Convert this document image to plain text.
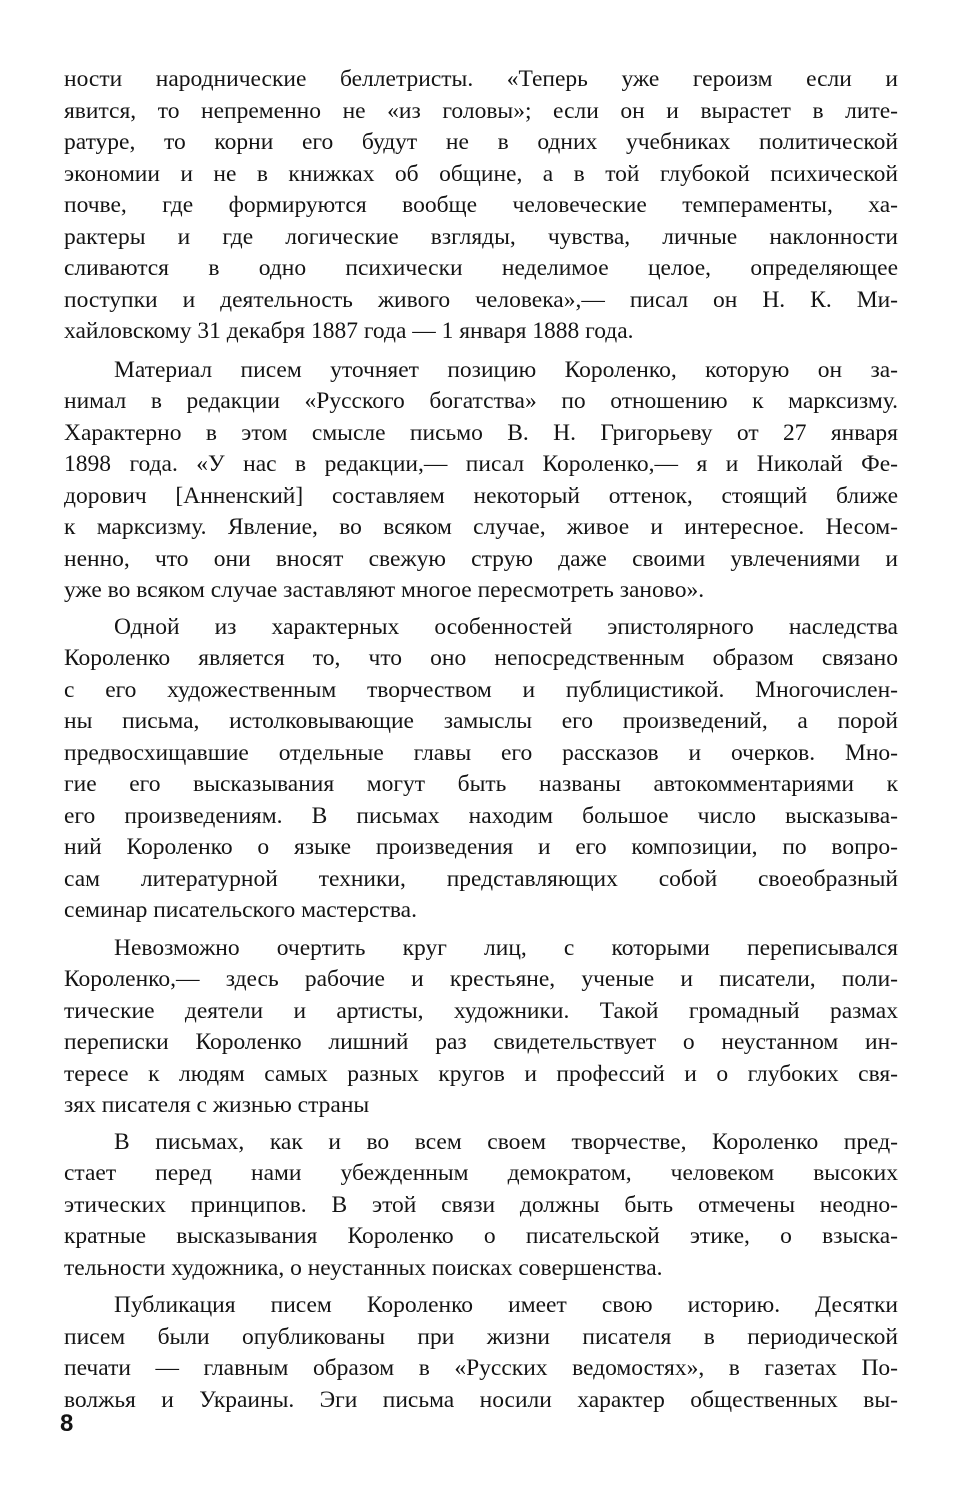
ности народнические беллетристы. «Теперь уже героизм если и
явится, то непременно не «из головы»; если он и вырастет в лите-
ратуре, то корни его будут не в одних учебниках политической
экономии и не в книжках об общине, а в той глубокой психической
почве, где формируются вообще человеческие темпераменты, ха-
рактеры и где логические взгляды, чувства, личные наклонности
сливаются в одно психически неделимое целое, определяющее
поступки и деятельность живого человека»,— писал он Н. К. Ми-
хайловскому 31 декабря 1887 года — 1 января 1888 года.
Материал писем уточняет позицию Короленко, которую он за-
нимал в редакции «Русского богатства» по отношению к марксизму.
Характерно в этом смысле письмо В. Н. Григорьеву от 27 января
1898 года. «У нас в редакции,— писал Короленко,— я и Николай Фе-
дорович [Анненский] составляем некоторый оттенок, стоящий ближе
к марксизму. Явление, во всяком случае, живое и интересное. Несом-
ненно, что они вносят свежую струю даже своими увлечениями и
уже во всяком случае заставляют многое пересмотреть заново».
Одной из характерных особенностей эпистолярного наследства
Короленко является то, что оно непосредственным образом связано
с его художественным творчеством и публицистикой. Многочислен-
ны письма, истолковывающие замыслы его произведений, а порой
предвосхищавшие отдельные главы его рассказов и очерков. Мно-
гие его высказывания могут быть названы автокомментариями к
его произведениям. В письмах находим большое число высказыва-
ний Короленко о языке произведения и его композиции, по вопро-
сам литературной техники, представляющих собой своеобразный
семинар писательского мастерства.
Невозможно очертить круг лиц, с которыми переписывался
Короленко,— здесь рабочие и крестьяне, ученые и писатели, поли-
тические деятели и артисты, художники. Такой громадный размах
переписки Короленко лишний раз свидетельствует о неустанном ин-
тересе к людям самых разных кругов и профессий и о глубоких свя-
зях писателя с жизнью страны
В письмах, как и во всем своем творчестве, Короленко пред-
стает перед нами убежденным демократом, человеком высоких
этических принципов. В этой связи должны быть отмечены неодно-
кратные высказывания Короленко о писательской этике, о взыска-
тельности художника, о неустанных поисках совершенства.
Публикация писем Короленко имеет свою историю. Десятки
писем были опубликованы при жизни писателя в периодической
печати — главным образом в «Русских ведомостях», в газетах По-
волжья и Украины. Эги письма носили характер общественных вы-
8
